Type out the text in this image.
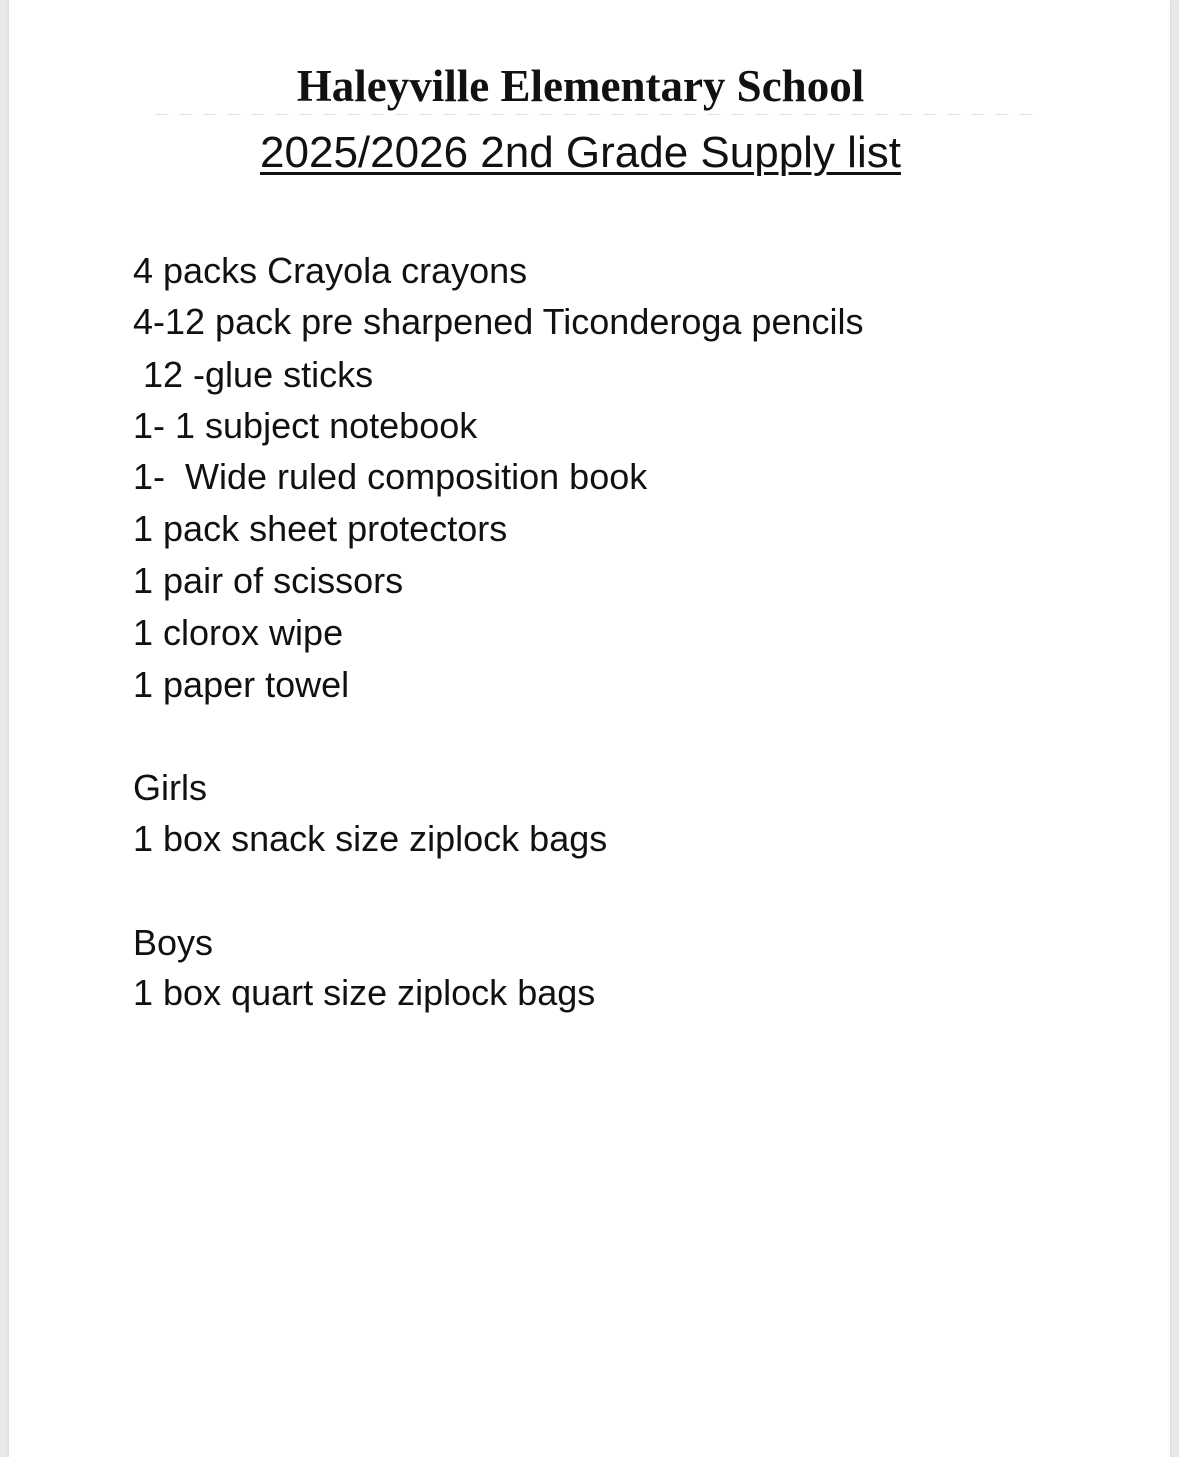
Haleyville Elementary School
2025/2026 2nd Grade Supply list
4 packs Crayola crayons
4-12 pack pre sharpened Ticonderoga pencils
12 -glue sticks
1- 1 subject notebook
1-  Wide ruled composition book
1 pack sheet protectors
1 pair of scissors
1 clorox wipe
1 paper towel
Girls
1 box snack size ziplock bags
Boys
1 box quart size ziplock bags
